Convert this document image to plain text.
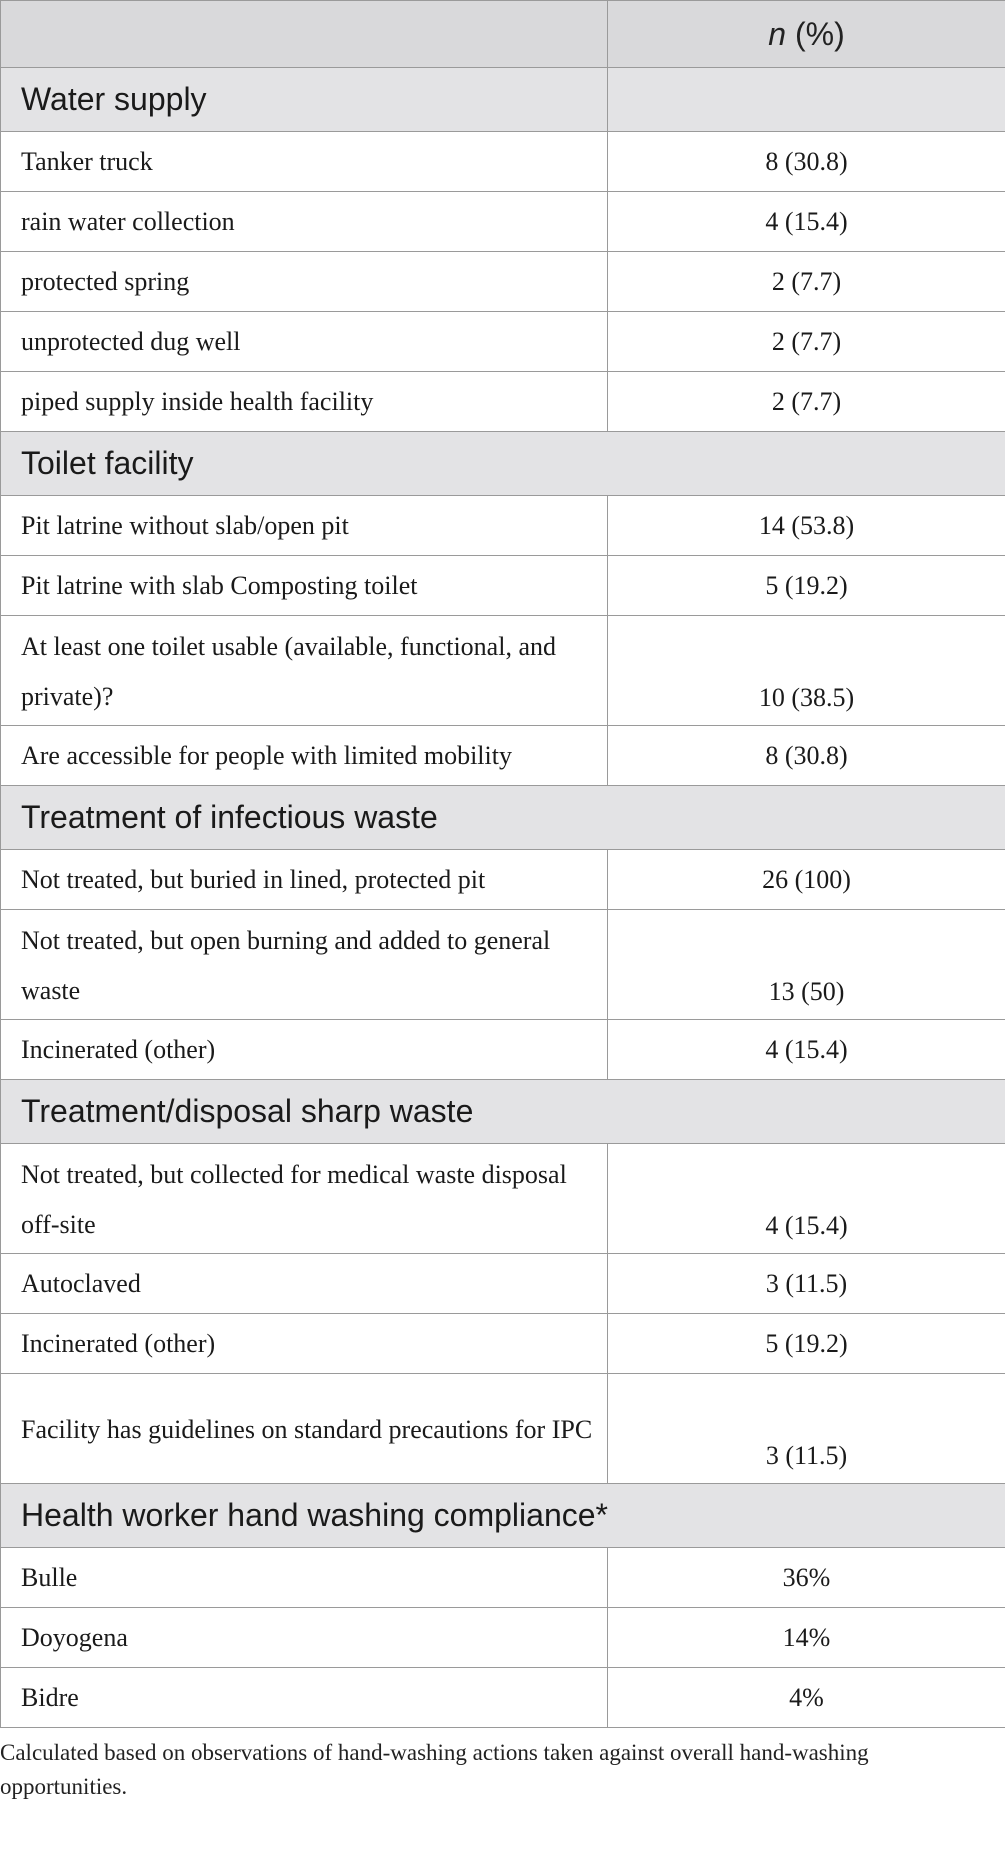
	n (%)
Water supply	
Tanker truck	8 (30.8)
rain water collection	4 (15.4)
protected spring	2 (7.7)
unprotected dug well	2 (7.7)
piped supply inside health facility	2 (7.7)
Toilet facility	
Pit latrine without slab/open pit	14 (53.8)
Pit latrine with slab Composting toilet	5 (19.2)
At least one toilet usable (available, functional, and private)?	10 (38.5)
Are accessible for people with limited mobility	8 (30.8)
Treatment of infectious waste	
Not treated, but buried in lined, protected pit	26 (100)
Not treated, but open burning and added to general waste	13 (50)
Incinerated (other)	4 (15.4)
Treatment/disposal sharp waste	
Not treated, but collected for medical waste disposal off-site	4 (15.4)
Autoclaved	3 (11.5)
Incinerated (other)	5 (19.2)
Facility has guidelines on standard precautions for IPC	3 (11.5)
Health worker hand washing compliance*	
Bulle	36%
Doyogena	14%
Bidre	4%

Calculated based on observations of hand-washing actions taken against overall hand-washing opportunities.
